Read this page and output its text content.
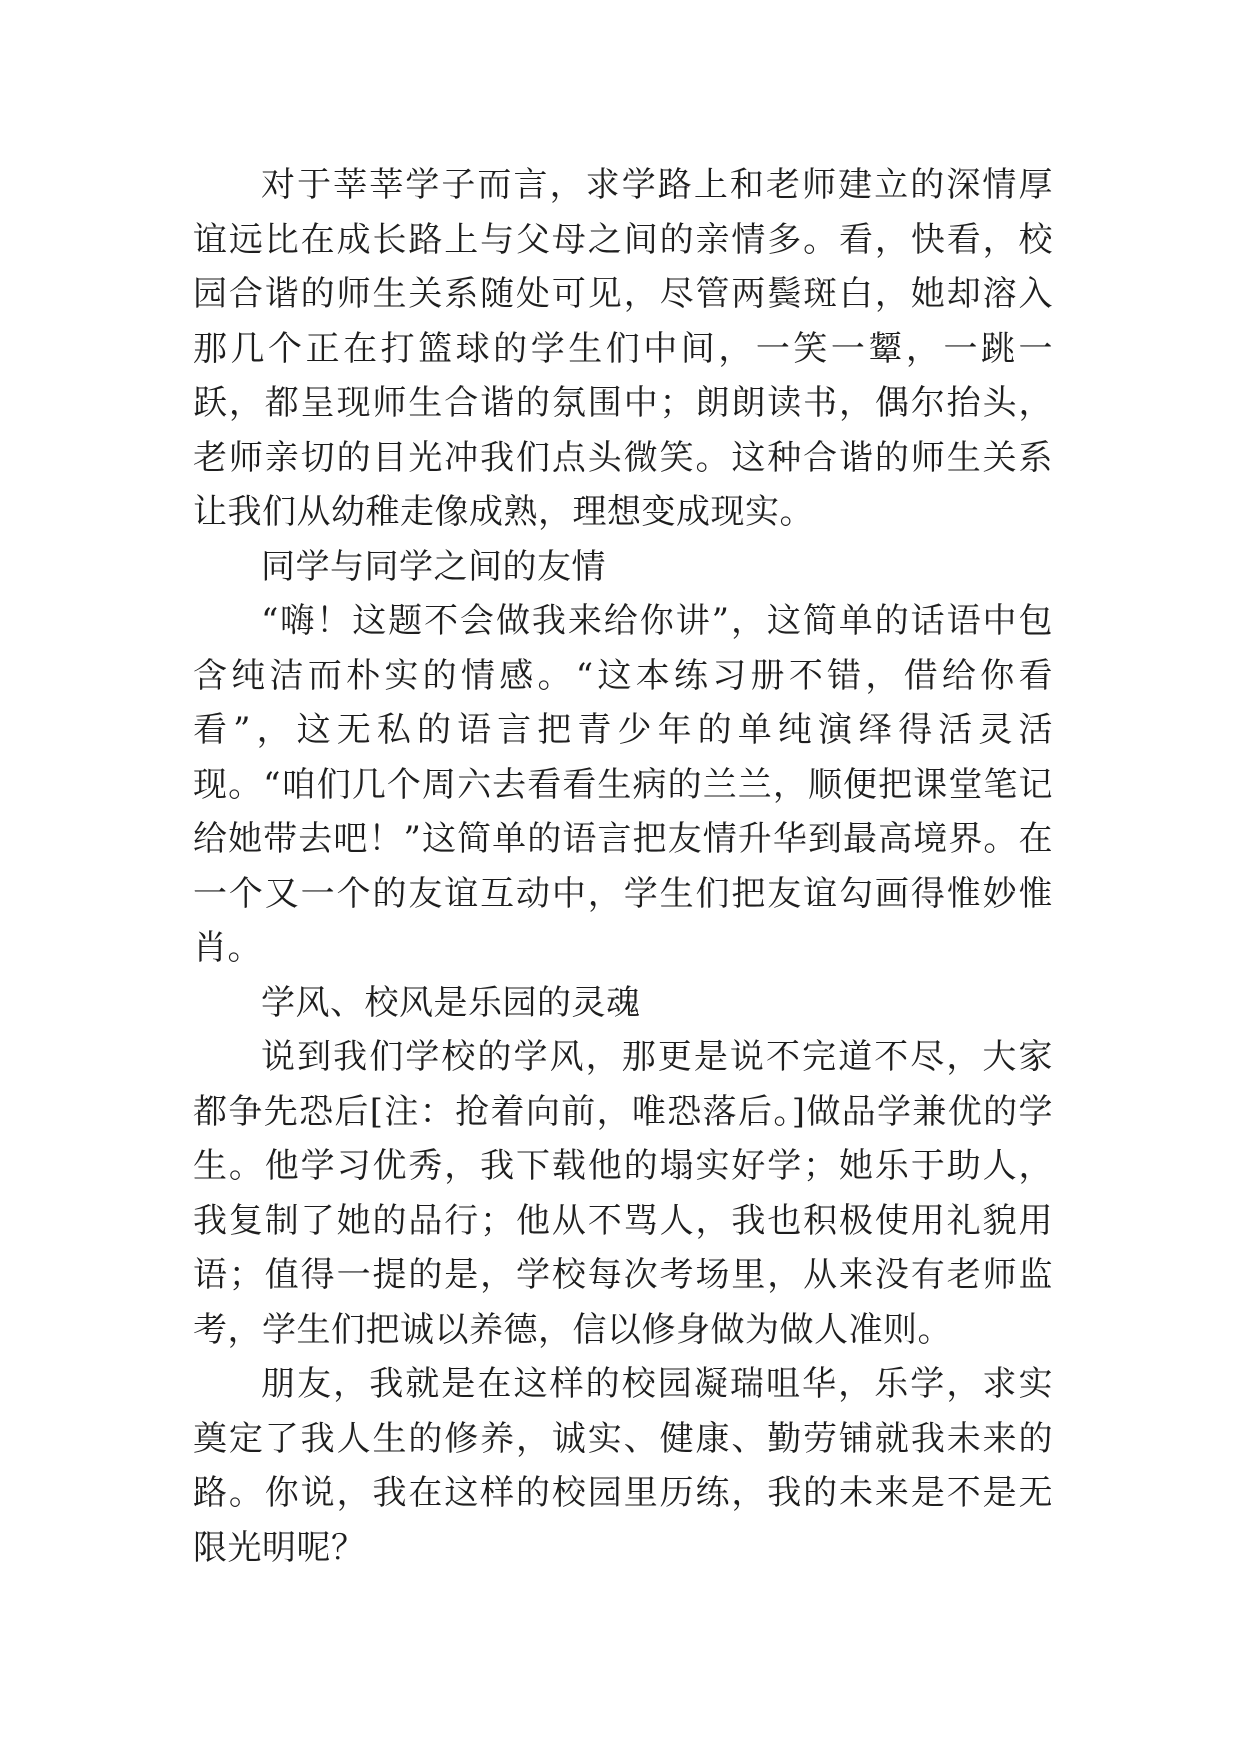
对于莘莘学子而言，求学路上和老师建立的深情厚谊远比在成长路上与父母之间的亲情多。看，快看，校园合谐的师生关系随处可见，尽管两鬓斑白，她却溶入那几个正在打篮球的学生们中间，一笑一颦，一跳一跃，都呈现师生合谐的氛围中；朗朗读书，偶尔抬头，老师亲切的目光冲我们点头微笑。这种合谐的师生关系让我们从幼稚走像成熟，理想变成现实。

同学与同学之间的友情

“嗨！这题不会做我来给你讲”，这简单的话语中包含纯洁而朴实的情感。“这本练习册不错，借给你看看”，这无私的语言把青少年的单纯演绎得活灵活现。“咱们几个周六去看看生病的兰兰，顺便把课堂笔记给她带去吧！”这简单的语言把友情升华到最高境界。在一个又一个的友谊互动中，学生们把友谊勾画得惟妙惟肖。

学风、校风是乐园的灵魂

说到我们学校的学风，那更是说不完道不尽，大家都争先恐后[注：抢着向前，唯恐落后。]做品学兼优的学生。他学习优秀，我下载他的塌实好学；她乐于助人，我复制了她的品行；他从不骂人，我也积极使用礼貌用语；值得一提的是，学校每次考场里，从来没有老师监考，学生们把诚以养德，信以修身做为做人准则。

朋友，我就是在这样的校园凝瑞咀华，乐学，求实奠定了我人生的修养，诚实、健康、勤劳铺就我未来的路。你说，我在这样的校园里历练，我的未来是不是无限光明呢？
